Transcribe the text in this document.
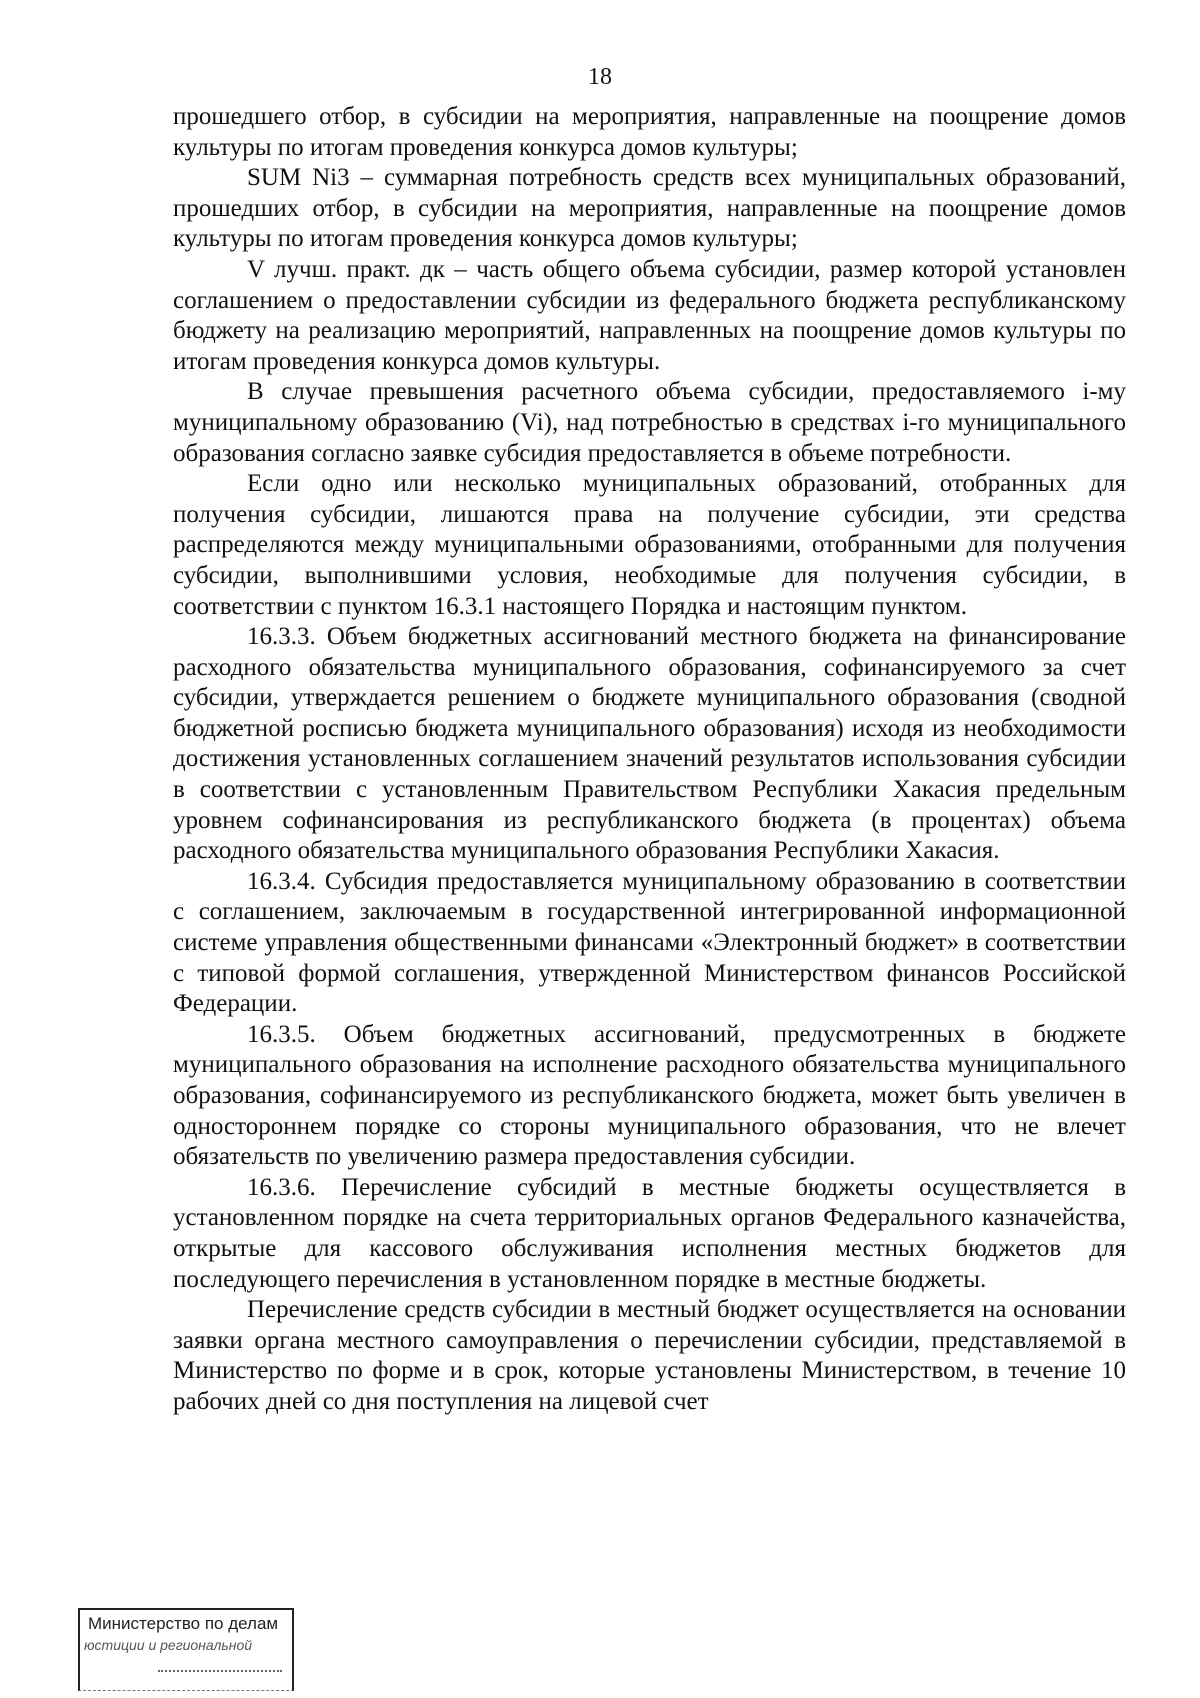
18

прошедшего отбор, в субсидии на мероприятия, направленные на поощрение домов культуры по итогам проведения конкурса домов культуры;

SUM Ni3 – суммарная потребность средств всех муниципальных образований, прошедших отбор, в субсидии на мероприятия, направленные на поощрение домов культуры по итогам проведения конкурса домов культуры;

V лучш. практ. дк – часть общего объема субсидии, размер которой установлен соглашением о предоставлении субсидии из федерального бюджета республиканскому бюджету на реализацию мероприятий, направленных на поощрение домов культуры по итогам проведения конкурса домов культуры.

В случае превышения расчетного объема субсидии, предоставляемого i-му муниципальному образованию (Vi), над потребностью в средствах i-го муниципального образования согласно заявке субсидия предоставляется в объеме потребности.

Если одно или несколько муниципальных образований, отобранных для получения субсидии, лишаются права на получение субсидии, эти средства распределяются между муниципальными образованиями, отобранными для получения субсидии, выполнившими условия, необходимые для получения субсидии, в соответствии с пунктом 16.3.1 настоящего Порядка и настоящим пунктом.

16.3.3. Объем бюджетных ассигнований местного бюджета на финансирование расходного обязательства муниципального образования, софинансируемого за счет субсидии, утверждается решением о бюджете муниципального образования (сводной бюджетной росписью бюджета муниципального образования) исходя из необходимости достижения установленных соглашением значений результатов использования субсидии в соответствии с установленным Правительством Республики Хакасия предельным уровнем софинансирования из республиканского бюджета (в процентах) объема расходного обязательства муниципального образования Республики Хакасия.

16.3.4. Субсидия предоставляется муниципальному образованию в соответствии с соглашением, заключаемым в государственной интегрированной информационной системе управления общественными финансами «Электронный бюджет» в соответствии с типовой формой соглашения, утвержденной Министерством финансов Российской Федерации.

16.3.5. Объем бюджетных ассигнований, предусмотренных в бюджете муниципального образования на исполнение расходного обязательства муниципального образования, софинансируемого из республиканского бюджета, может быть увеличен в одностороннем порядке со стороны муниципального образования, что не влечет обязательств по увеличению размера предоставления субсидии.

16.3.6. Перечисление субсидий в местные бюджеты осуществляется в установленном порядке на счета территориальных органов Федерального казначейства, открытые для кассового обслуживания исполнения местных бюджетов для последующего перечисления в установленном порядке в местные бюджеты.

Перечисление средств субсидии в местный бюджет осуществляется на основании заявки органа местного самоуправления о перечислении субсидии, представляемой в Министерство по форме и в срок, которые установлены Министерством, в течение 10 рабочих дней со дня поступления на лицевой счет

Министерство по делам
юстиции и региональной
